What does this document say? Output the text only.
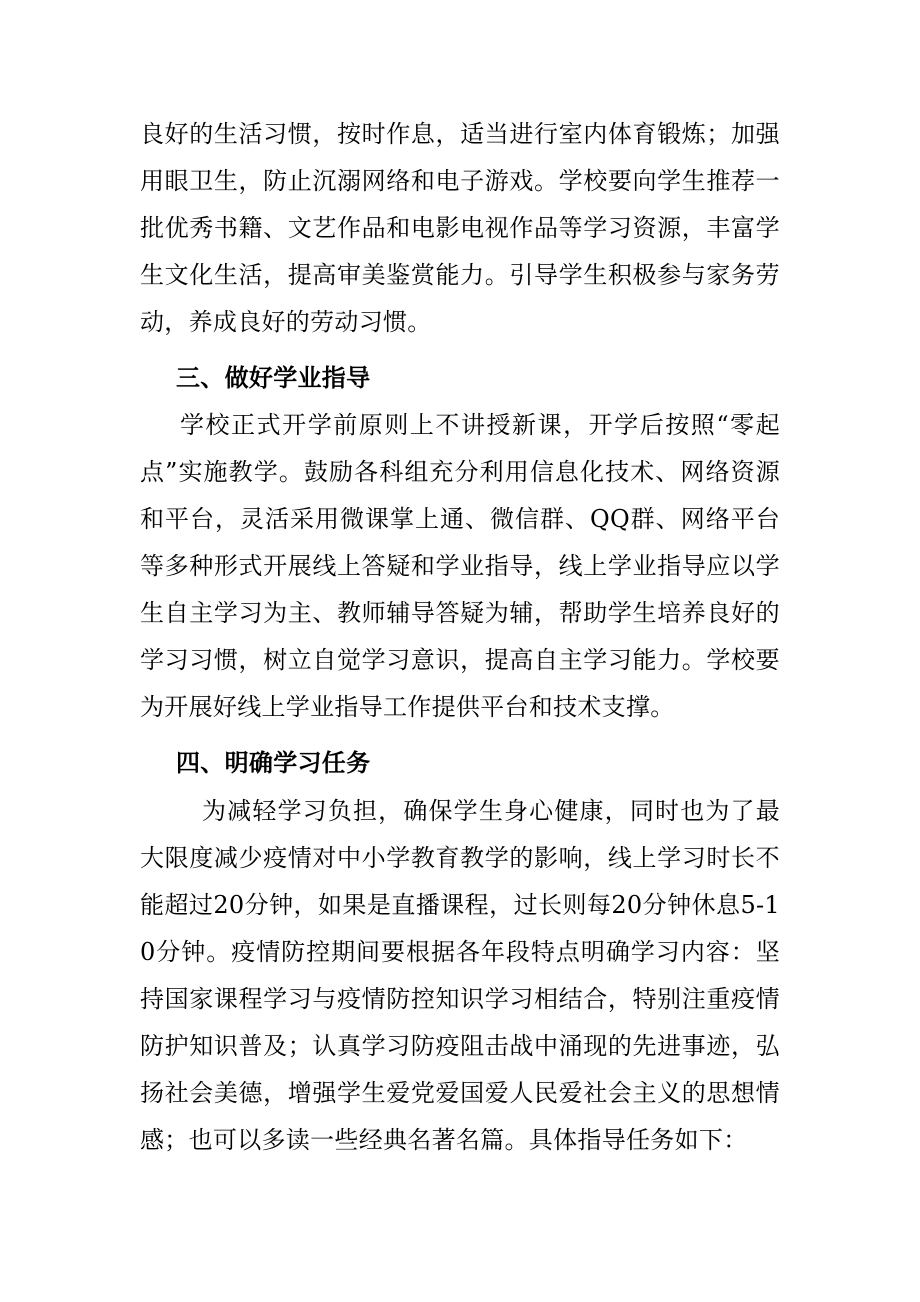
良好的生活习惯，按时作息，适当进行室内体育锻炼；加强用眼卫生，防止沉溺网络和电子游戏。学校要向学生推荐一批优秀书籍、文艺作品和电影电视作品等学习资源，丰富学生文化生活，提高审美鉴赏能力。引导学生积极参与家务劳动，养成良好的劳动习惯。

三、做好学业指导

学校正式开学前原则上不讲授新课，开学后按照“零起点”实施教学。鼓励各科组充分利用信息化技术、网络资源和平台，灵活采用微课掌上通、微信群、QQ群、网络平台等多种形式开展线上答疑和学业指导，线上学业指导应以学生自主学习为主、教师辅导答疑为辅，帮助学生培养良好的学习习惯，树立自觉学习意识，提高自主学习能力。学校要为开展好线上学业指导工作提供平台和技术支撑。

四、明确学习任务

为减轻学习负担，确保学生身心健康，同时也为了最大限度减少疫情对中小学教育教学的影响，线上学习时长不能超过20分钟，如果是直播课程，过长则每20分钟休息5-10分钟。疫情防控期间要根据各年段特点明确学习内容：坚持国家课程学习与疫情防控知识学习相结合，特别注重疫情防护知识普及；认真学习防疫阻击战中涌现的先进事迹，弘扬社会美德，增强学生爱党爱国爱人民爱社会主义的思想情感；也可以多读一些经典名著名篇。具体指导任务如下：
